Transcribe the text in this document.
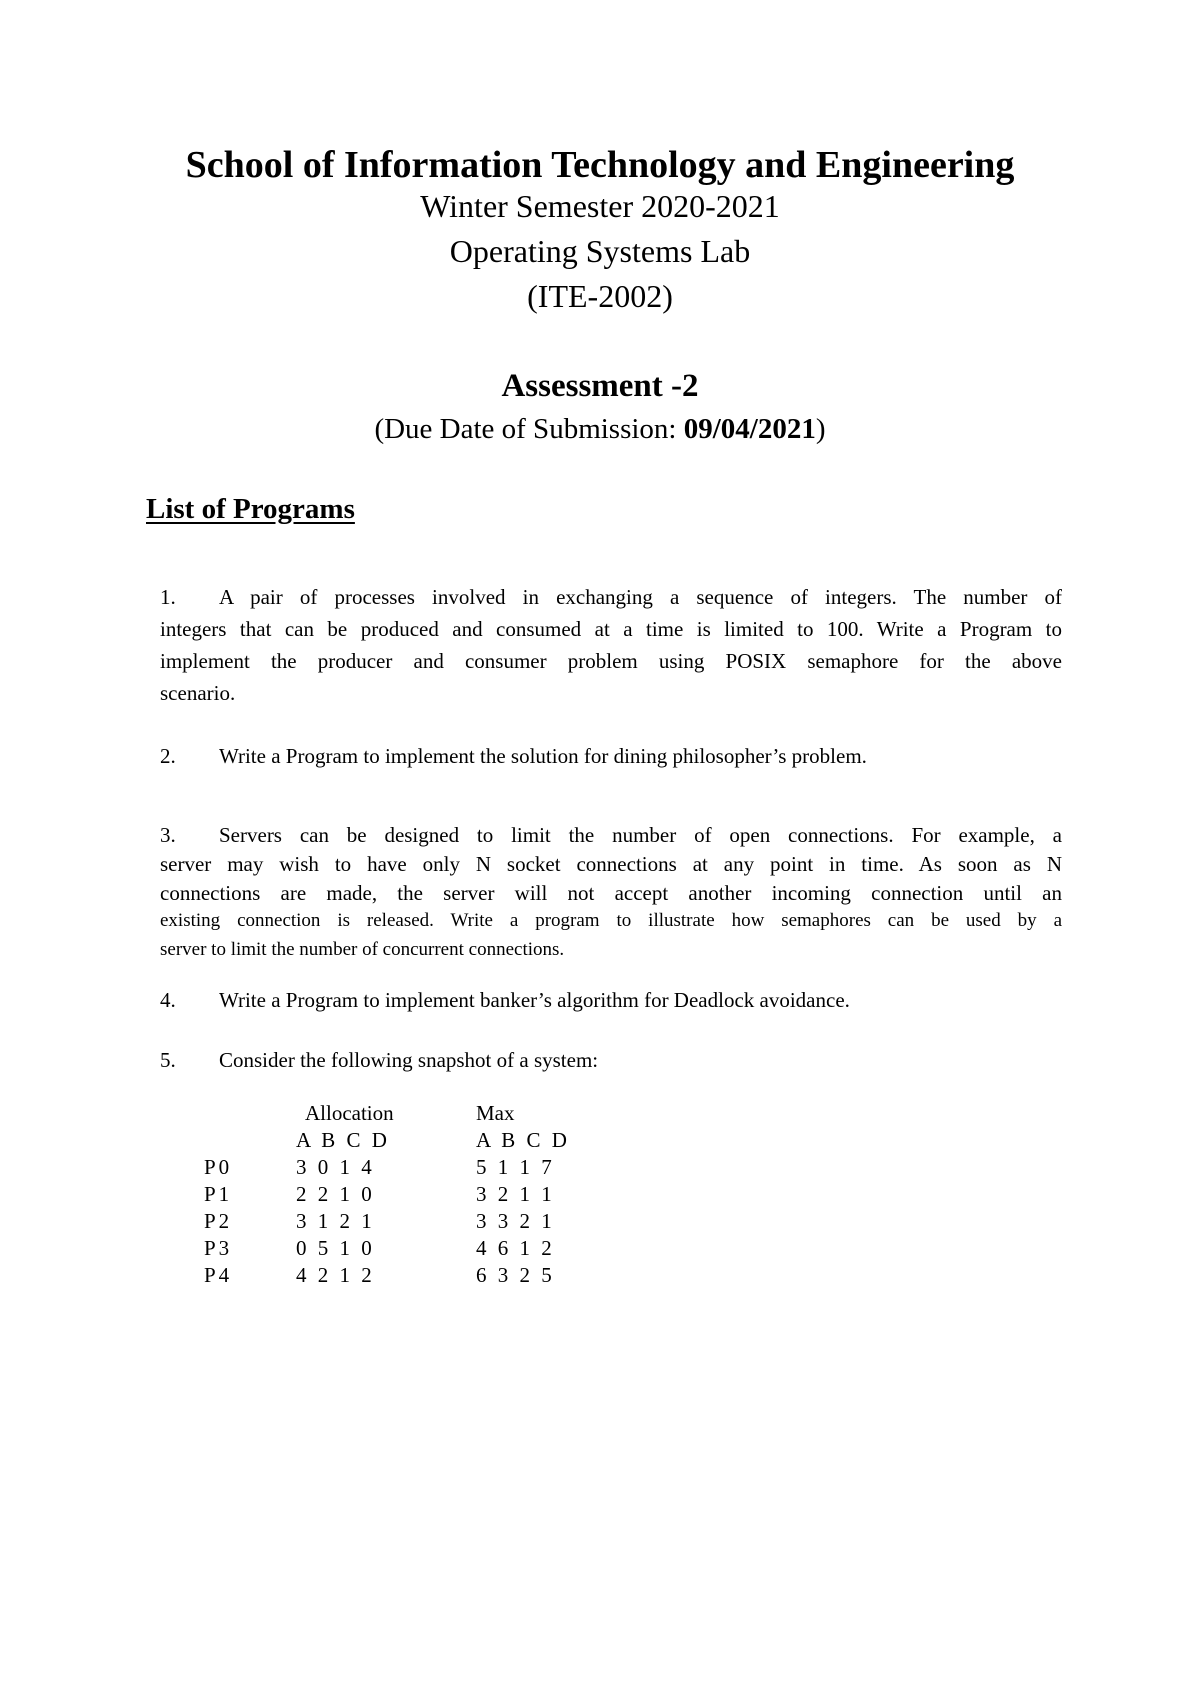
School of Information Technology and Engineering
Winter Semester 2020-2021
Operating Systems Lab
(ITE-2002)
Assessment -2
(Due Date of Submission: 09/04/2021)
List of Programs
1. A pair of processes involved in exchanging a sequence of integers. The number of
integers that can be produced and consumed at a time is limited to 100. Write a Program to
implement the producer and consumer problem using POSIX semaphore for the above
scenario.
2. Write a Program to implement the solution for dining philosopher’s problem.
3. Servers can be designed to limit the number of open connections. For example, a
server may wish to have only N socket connections at any point in time. As soon as N
connections are made, the server will not accept another incoming connection until an
existing connection is released. Write a program to illustrate how semaphores can be used by a
server to limit the number of concurrent connections.
4. Write a Program to implement banker’s algorithm for Deadlock avoidance.
5. Consider the following snapshot of a system:
Allocation	Max
A B C D	A B C D
P0	3 0 1 4	5 1 1 7
P1	2 2 1 0	3 2 1 1
P2	3 1 2 1	3 3 2 1
P3	0 5 1 0	4 6 1 2
P4	4 2 1 2	6 3 2 5
